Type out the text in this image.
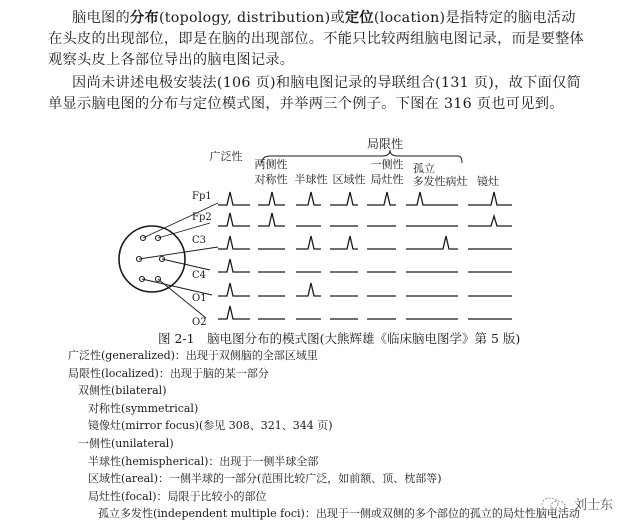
脑电图的分布(topology, distribution)或定位(location)是指特定的脑电活动在头皮的出现部位，即是在脑的出现部位。不能只比较两组脑电图记录，而是要整体观察头皮上各部位导出的脑电图记录。
因尚未讲述电极安装法(106 页)和脑电图记录的导联组合(131 页)，故下面仅简单显示脑电图的分布与定位模式图，并举两三个例子。下图在 316 页也可见到。
局限性
广泛性
两侧性
对称性 半球性 区域性
一侧性
局灶性
孤立
多发性病灶 镜灶
Fp1
Fp2
C3
C4
O1
O2
图 2-1　脑电图分布的模式图(大熊辉雄《临床脑电图学》第 5 版)
广泛性(generalized)：出现于双侧脑的全部区域里
局限性(localized)：出现于脑的某一部分
双侧性(bilateral)
对称性(symmetrical)
镜像灶(mirror focus)(参见 308、321、344 页)
一侧性(unilateral)
半球性(hemispherical)：出现于一侧半球全部
区域性(areal)：一侧半球的一部分(范围比较广泛，如前额、顶、枕部等)
局灶性(focal)：局限于比较小的部位
孤立多发性(independent multiple foci)：出现于一侧或双侧的多个部位的孤立的局灶性脑电活动
刘士东
